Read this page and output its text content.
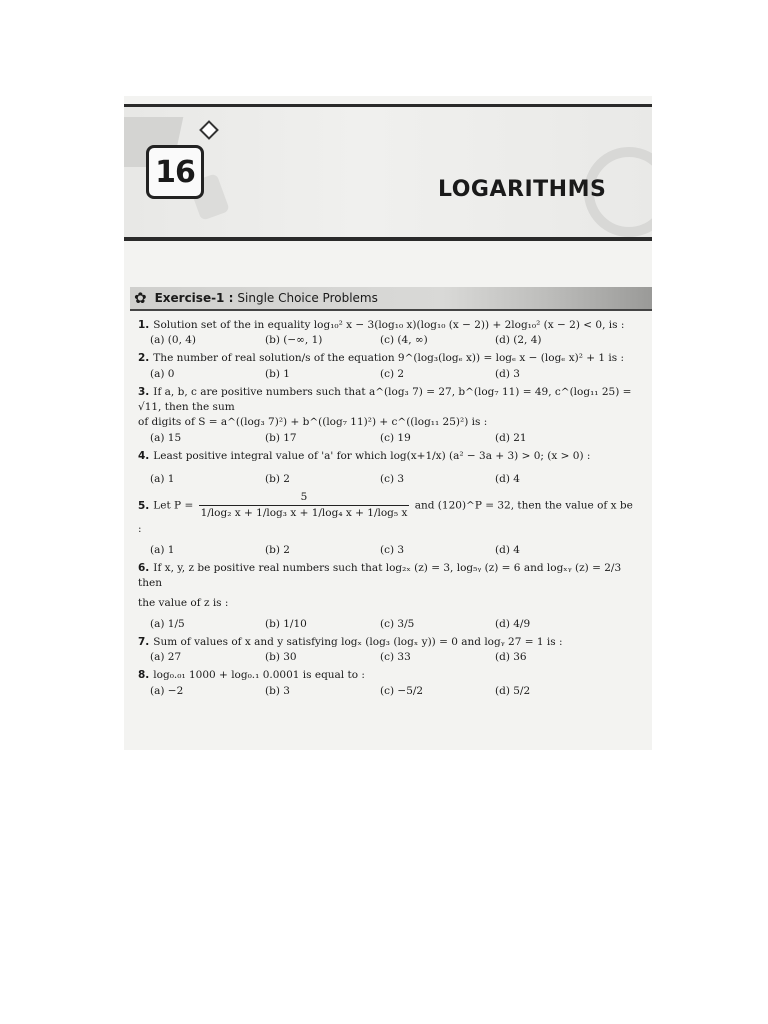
16	LOGARITHMS
✿ Exercise-1 : Single Choice Problems
1. Solution set of the in equality log₁₀² x − 3(log₁₀ x)(log₁₀ (x − 2)) + 2log₁₀² (x − 2) < 0, is :
(a) (0, 4)	(b) (−∞, 1)	(c) (4, ∞)	(d) (2, 4)
2. The number of real solution/s of the equation 9^(log₃(logₑ x)) = logₑ x − (logₑ x)² + 1 is :
(a) 0	(b) 1	(c) 2	(d) 3
3. If a, b, c are positive numbers such that a^(log₃ 7) = 27, b^(log₇ 11) = 49, c^(log₁₁ 25) = √11, then the sum
of digits of S = a^((log₃ 7)²) + b^((log₇ 11)²) + c^((log₁₁ 25)²) is :
(a) 15	(b) 17	(c) 19	(d) 21
4. Least positive integral value of 'a' for which log(x+1/x) (a² − 3a + 3) > 0; (x > 0) :
(a) 1	(b) 2	(c) 3	(d) 4
5. Let $P = \frac{5}{\text{1/log₂ x + 1/log₃ x + 1/log₄ x + 1/log₅ x}}$ and (120)^P = 32, then the value of x be :
(a) 1	(b) 2	(c) 3	(d) 4
6. If x, y, z be positive real numbers such that log₂ₓ (z) = 3, log₅ᵧ (z) = 6 and logₓᵧ (z) = 2/3 then
the value of z is :
(a) 1/5	(b) 1/10	(c) 3/5	(d) 4/9
7. Sum of values of x and y satisfying logₓ (log₃ (logₓ y)) = 0 and logᵧ 27 = 1 is :
(a) 27	(b) 30	(c) 33	(d) 36
8. log₀.₀₁ 1000 + log₀.₁ 0.0001 is equal to :
(a) −2	(b) 3	(c) −5/2	(d) 5/2
